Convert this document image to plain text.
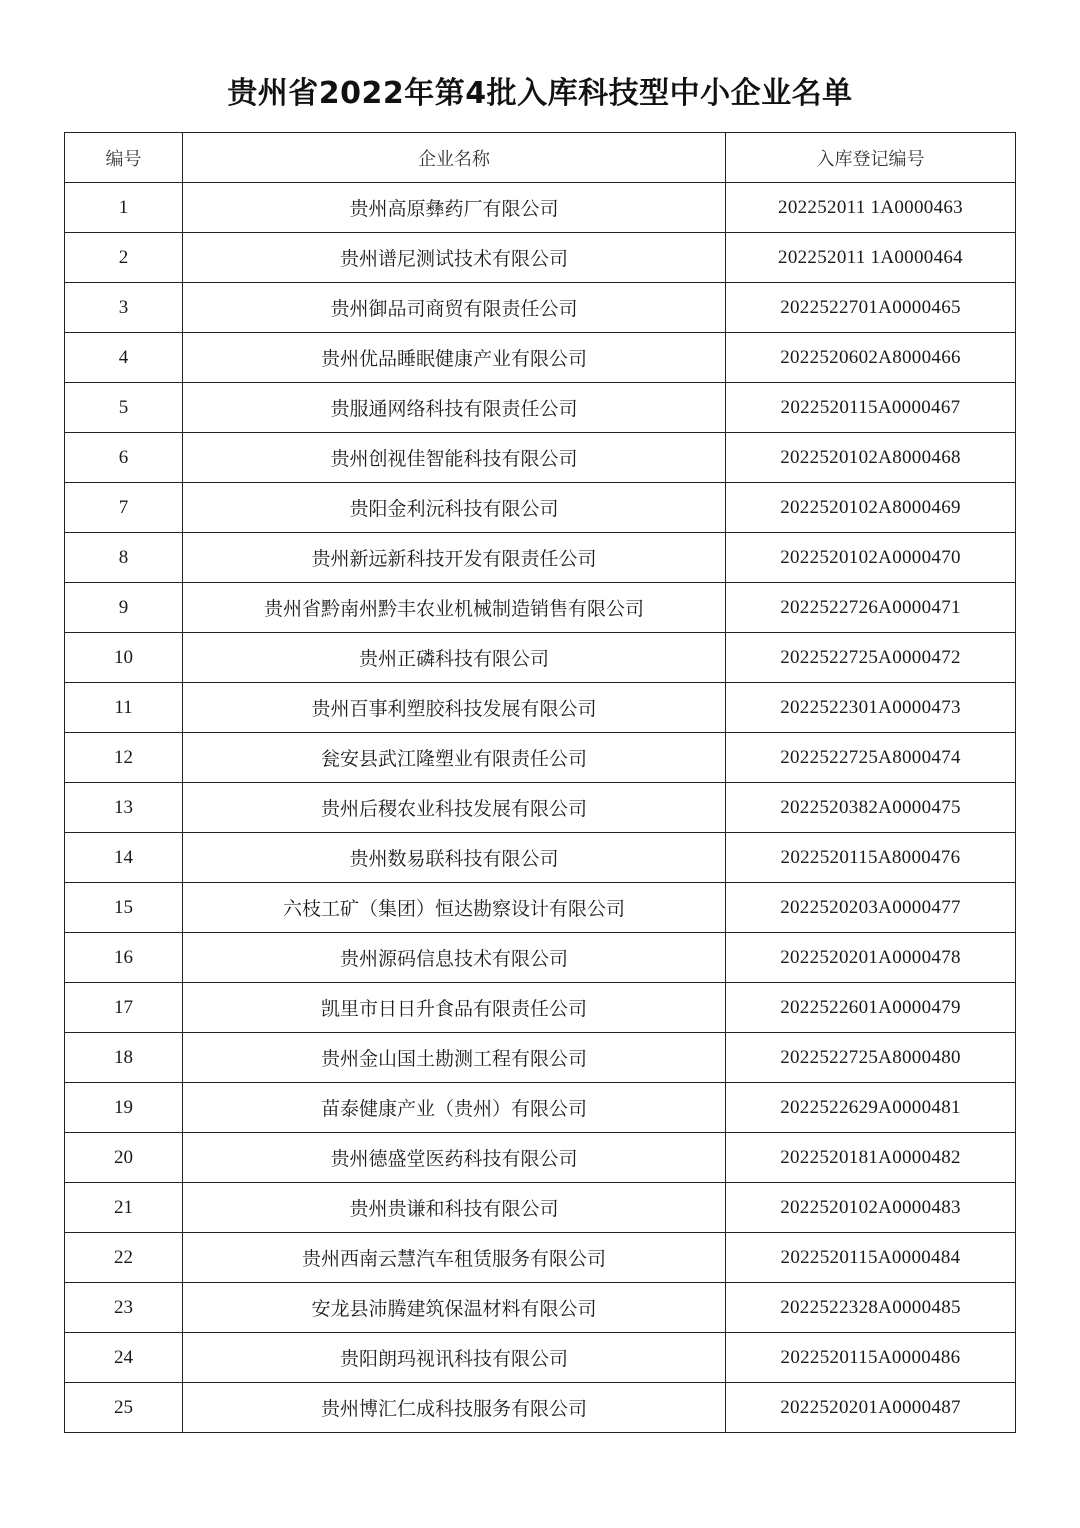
贵州省2022年第4批入库科技型中小企业名单
编号	企业名称	入库登记编号
1	贵州高原彝药厂有限公司	202252011 1A0000463
2	贵州谱尼测试技术有限公司	202252011 1A0000464
3	贵州御品司商贸有限责任公司	2022522701A0000465
4	贵州优品睡眠健康产业有限公司	2022520602A8000466
5	贵服通网络科技有限责任公司	2022520115A0000467
6	贵州创视佳智能科技有限公司	2022520102A8000468
7	贵阳金利沅科技有限公司	2022520102A8000469
8	贵州新远新科技开发有限责任公司	2022520102A0000470
9	贵州省黔南州黔丰农业机械制造销售有限公司	2022522726A0000471
10	贵州正磷科技有限公司	2022522725A0000472
11	贵州百事利塑胶科技发展有限公司	2022522301A0000473
12	瓮安县武江隆塑业有限责任公司	2022522725A8000474
13	贵州后稷农业科技发展有限公司	2022520382A0000475
14	贵州数易联科技有限公司	2022520115A8000476
15	六枝工矿（集团）恒达勘察设计有限公司	2022520203A0000477
16	贵州源码信息技术有限公司	2022520201A0000478
17	凯里市日日升食品有限责任公司	2022522601A0000479
18	贵州金山国土勘测工程有限公司	2022522725A8000480
19	苗泰健康产业（贵州）有限公司	2022522629A0000481
20	贵州德盛堂医药科技有限公司	2022520181A0000482
21	贵州贵谦和科技有限公司	2022520102A0000483
22	贵州西南云慧汽车租赁服务有限公司	2022520115A0000484
23	安龙县沛腾建筑保温材料有限公司	2022522328A0000485
24	贵阳朗玛视讯科技有限公司	2022520115A0000486
25	贵州博汇仁成科技服务有限公司	2022520201A0000487
